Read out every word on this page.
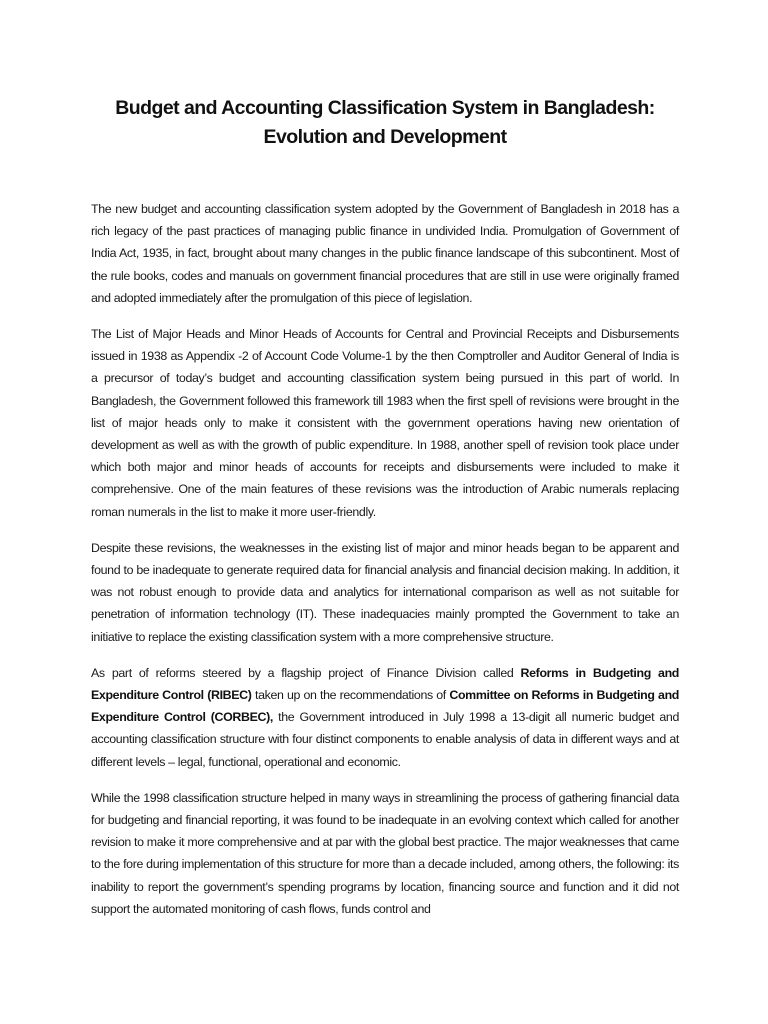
Budget and Accounting Classification System in Bangladesh:
Evolution and Development

The new budget and accounting classification system adopted by the Government of Bangladesh in 2018 has a rich legacy of the past practices of managing public finance in undivided India. Promulgation of Government of India Act, 1935, in fact, brought about many changes in the public finance landscape of this subcontinent. Most of the rule books, codes and manuals on government financial procedures that are still in use were originally framed and adopted immediately after the promulgation of this piece of legislation.

The List of Major Heads and Minor Heads of Accounts for Central and Provincial Receipts and Disbursements issued in 1938 as Appendix -2 of Account Code Volume-1 by the then Comptroller and Auditor General of India is a precursor of today’s budget and accounting classification system being pursued in this part of world. In Bangladesh, the Government followed this framework till 1983 when the first spell of revisions were brought in the list of major heads only to make it consistent with the government operations having new orientation of development as well as with the growth of public expenditure. In 1988, another spell of revision took place under which both major and minor heads of accounts for receipts and disbursements were included to make it comprehensive. One of the main features of these revisions was the introduction of Arabic numerals replacing roman numerals in the list to make it more user-friendly.

Despite these revisions, the weaknesses in the existing list of major and minor heads began to be apparent and found to be inadequate to generate required data for financial analysis and financial decision making. In addition, it was not robust enough to provide data and analytics for international comparison as well as not suitable for penetration of information technology (IT). These inadequacies mainly prompted the Government to take an initiative to replace the existing classification system with a more comprehensive structure.

As part of reforms steered by a flagship project of Finance Division called Reforms in Budgeting and Expenditure Control (RIBEC) taken up on the recommendations of Committee on Reforms in Budgeting and Expenditure Control (CORBEC), the Government introduced in July 1998 a 13-digit all numeric budget and accounting classification structure with four distinct components to enable analysis of data in different ways and at different levels – legal, functional, operational and economic.

While the 1998 classification structure helped in many ways in streamlining the process of gathering financial data for budgeting and financial reporting, it was found to be inadequate in an evolving context which called for another revision to make it more comprehensive and at par with the global best practice. The major weaknesses that came to the fore during implementation of this structure for more than a decade included, among others, the following: its inability to report the government’s spending programs by location, financing source and function and it did not support the automated monitoring of cash flows, funds control and
